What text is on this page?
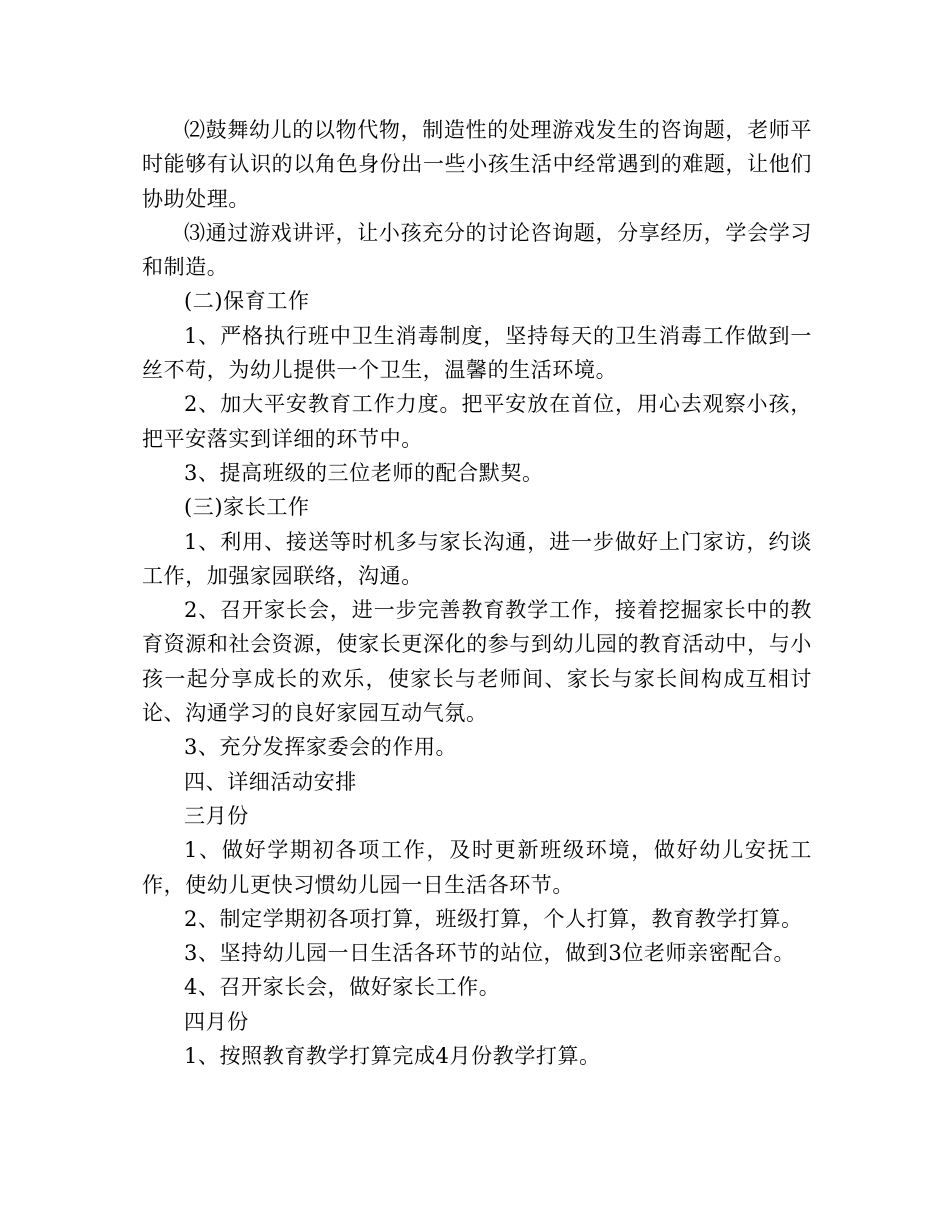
⑵鼓舞幼儿的以物代物，制造性的处理游戏发生的咨询题，老师平时能够有认识的以角色身份出一些小孩生活中经常遇到的难题，让他们协助处理。

⑶通过游戏讲评，让小孩充分的讨论咨询题，分享经历，学会学习和制造。

(二)保育工作

1、严格执行班中卫生消毒制度，坚持每天的卫生消毒工作做到一丝不苟，为幼儿提供一个卫生，温馨的生活环境。

2、加大平安教育工作力度。把平安放在首位，用心去观察小孩，把平安落实到详细的环节中。

3、提高班级的三位老师的配合默契。

(三)家长工作

1、利用、接送等时机多与家长沟通，进一步做好上门家访，约谈工作，加强家园联络，沟通。

2、召开家长会，进一步完善教育教学工作，接着挖掘家长中的教育资源和社会资源，使家长更深化的参与到幼儿园的教育活动中，与小孩一起分享成长的欢乐，使家长与老师间、家长与家长间构成互相讨论、沟通学习的良好家园互动气氛。

3、充分发挥家委会的作用。

四、详细活动安排

三月份

1、做好学期初各项工作，及时更新班级环境，做好幼儿安抚工作，使幼儿更快习惯幼儿园一日生活各环节。

2、制定学期初各项打算，班级打算，个人打算，教育教学打算。

3、坚持幼儿园一日生活各环节的站位，做到3位老师亲密配合。

4、召开家长会，做好家长工作。

四月份

1、按照教育教学打算完成4月份教学打算。
